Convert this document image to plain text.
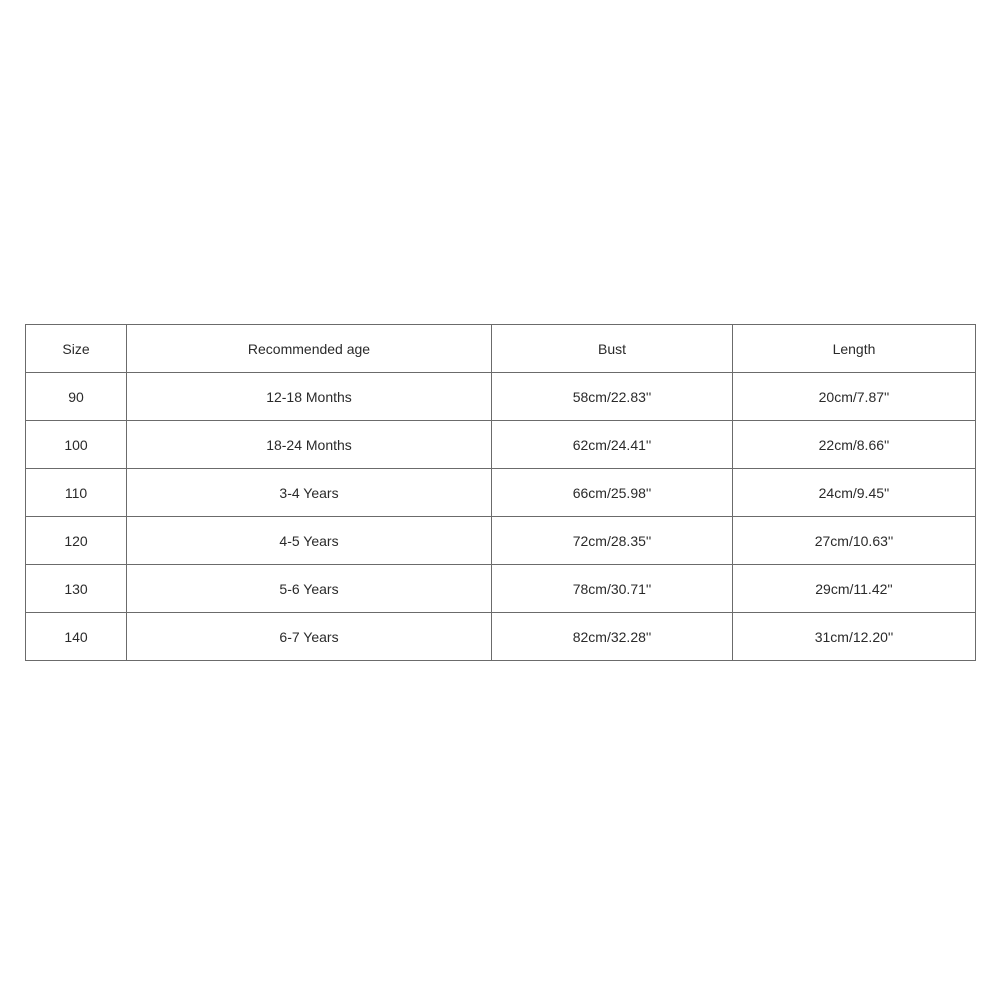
Size	Recommended age	Bust	Length
90	12-18 Months	58cm/22.83''	20cm/7.87''
100	18-24 Months	62cm/24.41''	22cm/8.66''
110	3-4 Years	66cm/25.98''	24cm/9.45''
120	4-5 Years	72cm/28.35''	27cm/10.63''
130	5-6 Years	78cm/30.71''	29cm/11.42''
140	6-7 Years	82cm/32.28''	31cm/12.20''
